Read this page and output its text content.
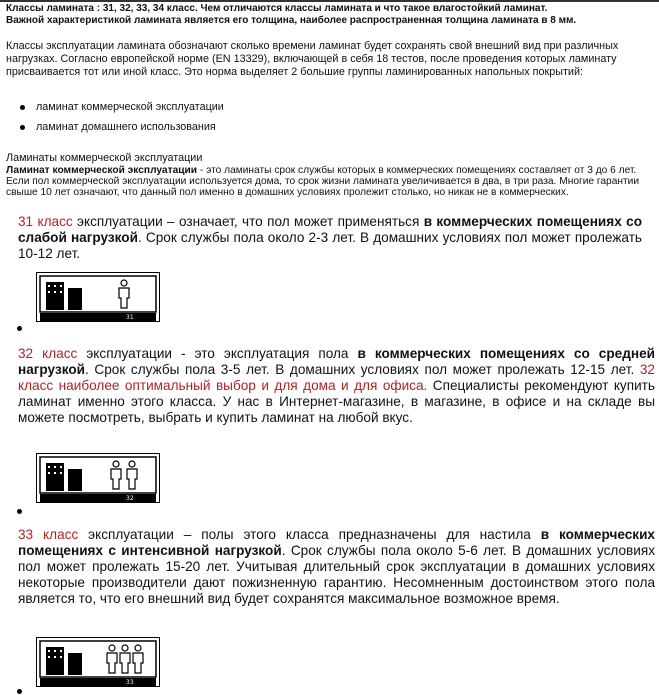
Классы ламината : 31, 32, 33, 34 класс. Чем отличаются классы ламината и что такое влагостойкий ламинат.
Важной характеристикой ламината является его толщина, наиболее распространенная толщина ламината в 8 мм.
Классы эксплуатации ламината обозначают сколько времени ламинат будет сохранять свой внешний вид при различных нагрузках. Согласно европейской норме (EN 13329), включающей в себя 18 тестов, после проведения которых ламинату присваивается тот или иной класс. Это норма выделяет 2 большие группы ламинированных напольных покрытий:
ламинат коммерческой эксплуатации
ламинат домашнего использования
Ламинаты коммерческой эксплуатации
Ламинат коммерческой эксплуатации - это ламинаты срок службы которых в коммерческих помещениях составляет от 3 до 6 лет. Если пол коммерческой эксплуатации используется дома, то срок жизни ламината увеличивается в два, в три раза. Многие гарантии свыше 10 лет означают, что данный пол именно в домашних условиях пролежит столько, но никак не в коммерческих.
31 класс эксплуатации – означает, что пол может применяться в коммерческих помещениях со слабой нагрузкой. Срок службы пола около 2-3 лет. В домашних условиях пол может пролежать 10-12 лет.
31
32 класс эксплуатации - это эксплуатация пола в коммерческих помещениях со средней нагрузкой. Срок службы пола 3-5 лет. В домашних условиях пол может пролежать 12-15 лет. 32 класс наиболее оптимальный выбор и для дома и для офиса. Специалисты рекомендуют купить ламинат именно этого класса. У нас в Интернет-магазине, в магазине, в офисе и на складе вы можете посмотреть, выбрать и купить ламинат на любой вкус.
32
33 класс эксплуатации – полы этого класса предназначены для настила в коммерческих помещениях с интенсивной нагрузкой. Срок службы пола около 5-6 лет. В домашних условиях пол может пролежать 15-20 лет. Учитывая длительный срок эксплуатации в домашних условиях некоторые производители дают пожизненную гарантию. Несомненным достоинством этого пола является то, что его внешний вид будет сохранятся максимальное возможное время.
33
